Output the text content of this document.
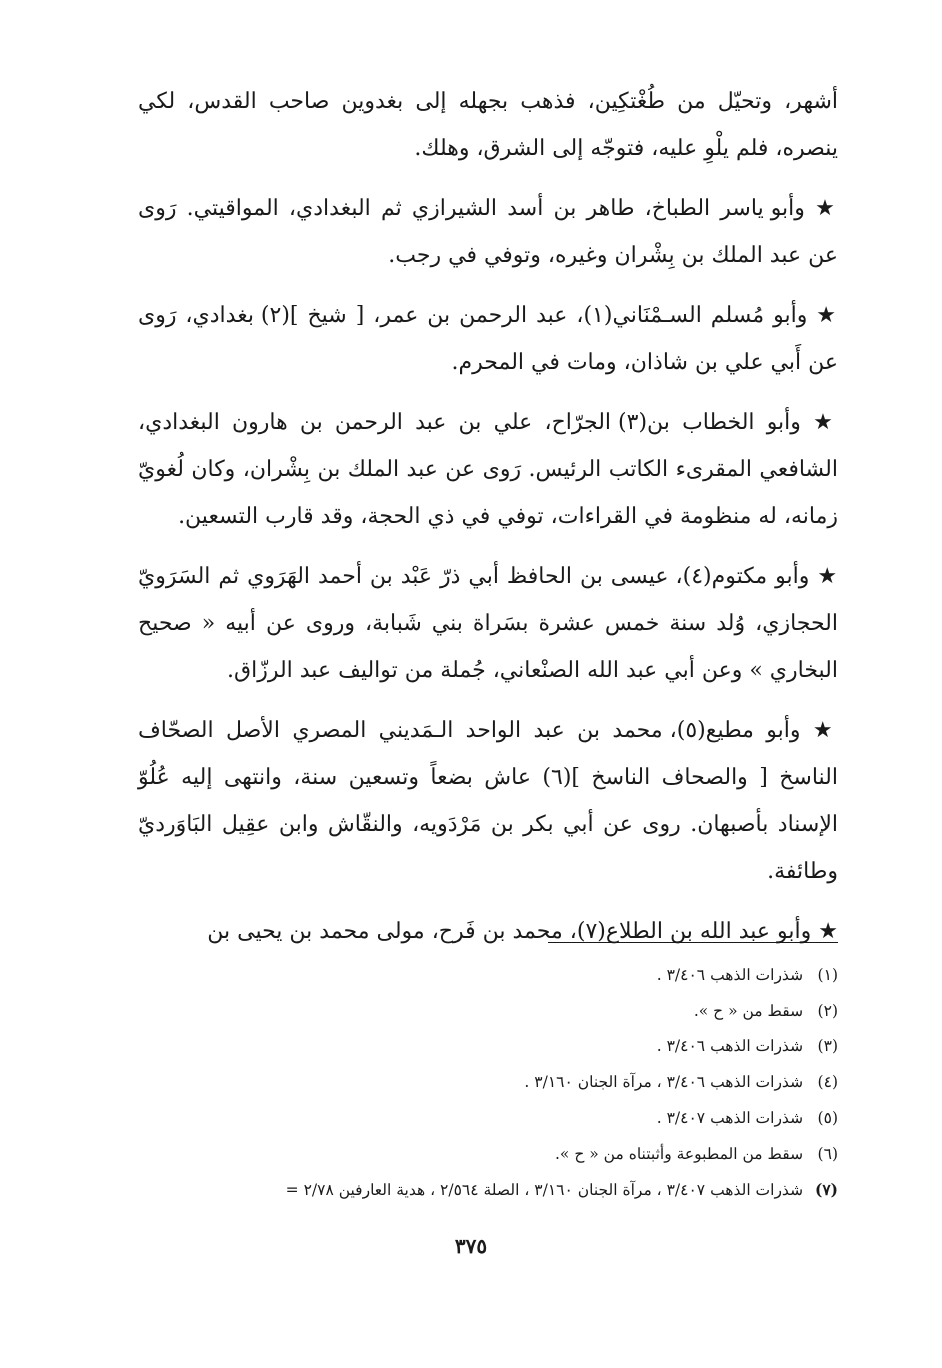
أشهر، وتحيّل من طُغْتكِين، فذهب بجهله إلى بغدوين صاحب القدس، لكي ينصره، فلم يلْوِ عليه، فتوجّه إلى الشرق، وهلك.

★ وأبو ياسر الطباخ، طاهر بن أسد الشيرازي ثم البغدادي، المواقيتي. رَوى عن عبد الملك بن بِشْران وغيره، وتوفي في رجب.

★ وأبو مُسلم السـمْنَاني(١)، عبد الرحمن بن عمر، [ شيخ ](٢) بغدادي، رَوى عن أَبي علي بن شاذان، ومات في المحرم.

★ وأبو الخطاب بن(٣) الجرّاح، علي بن عبد الرحمن بن هارون البغدادي، الشافعي المقرىء الكاتب الرئيس. رَوى عن عبد الملك بن بِشْران، وكان لُغويّ زمانه، له منظومة في القراءات، توفي في ذي الحجة، وقد قارب التسعين.

★ وأبو مكتوم(٤)، عيسى بن الحافظ أبي ذرّ عَبْد بن أحمد الهَرَوي ثم السَرَويّ الحجازي، وُلد سنة خمس عشرة بسَراة بني شَبابة، وروى عن أبيه « صحيح البخاري » وعن أبي عبد الله الصنْعاني، جُملة من تواليف عبد الرزّاق.

★ وأبو مطيع(٥)، محمد بن عبد الواحد الـمَديني المصري الأصل الصحّاف الناسخ [ والصحاف الناسخ ](٦) عاش بضعاً وتسعين سنة، وانتهى إليه عُلُوّ الإسناد بأصبهان. روى عن أبي بكر بن مَرْدَويه، والنقّاش وابن عقِيل البَاوَرديّ وطائفة.

★ وأبو عبد الله بن الطلاع(٧)، محمد بن فَرح، مولى محمد بن يحيى بن

(١) شذرات الذهب ٣/٤٠٦ .
(٢) سقط من « ح ».
(٣) شذرات الذهب ٣/٤٠٦ .
(٤) شذرات الذهب ٣/٤٠٦ ، مرآة الجنان ٣/١٦٠ .
(٥) شذرات الذهب ٣/٤٠٧ .
(٦) سقط من المطبوعة وأثبتناه من « ح ».
(٧) شذرات الذهب ٣/٤٠٧ ، مرآة الجنان ٣/١٦٠ ، الصلة ٢/٥٦٤ ، هدية العارفين ٢/٧٨ =
٣٧٥
